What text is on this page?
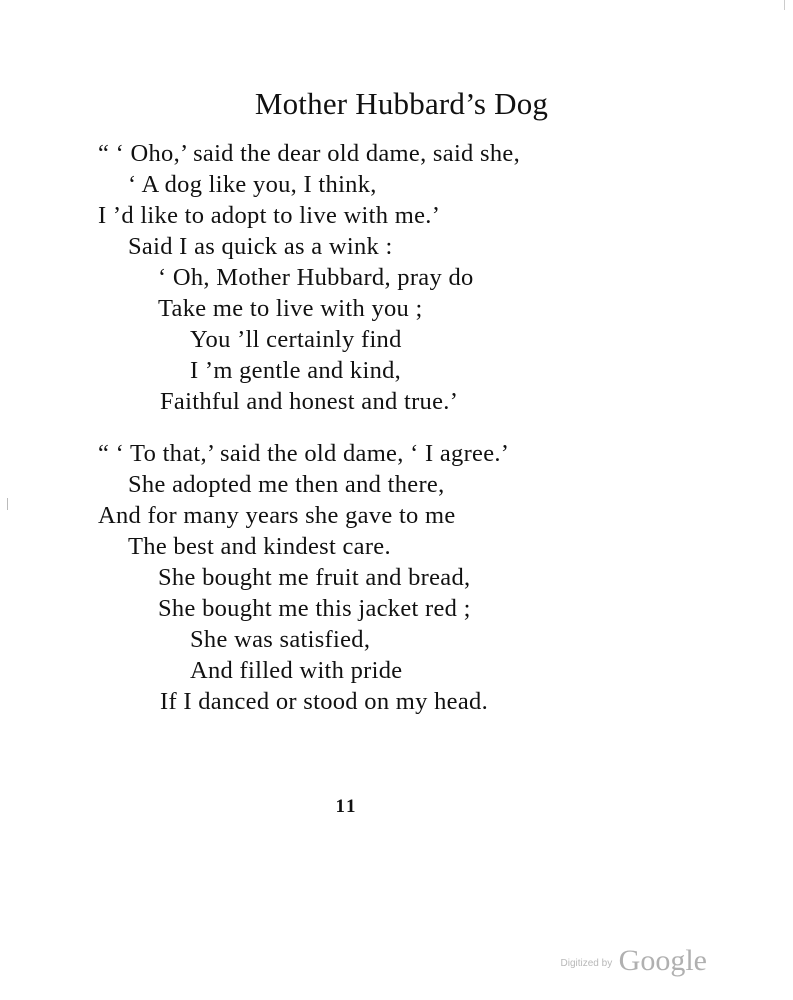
Mother Hubbard’s Dog
“ ‘ Oho,’ said the dear old dame, said she,
‘ A dog like you, I think,
I ’d like to adopt to live with me.’
Said I as quick as a wink :
‘ Oh, Mother Hubbard, pray do
Take me to live with you ;
You ’ll certainly find
I ’m gentle and kind,
Faithful and honest and true.’
“ ‘ To that,’ said the old dame, ‘ I agree.’
She adopted me then and there,
And for many years she gave to me
The best and kindest care.
She bought me fruit and bread,
She bought me this jacket red ;
She was satisfied,
And filled with pride
If I danced or stood on my head.
11
$^{Digitized by}$ Google
